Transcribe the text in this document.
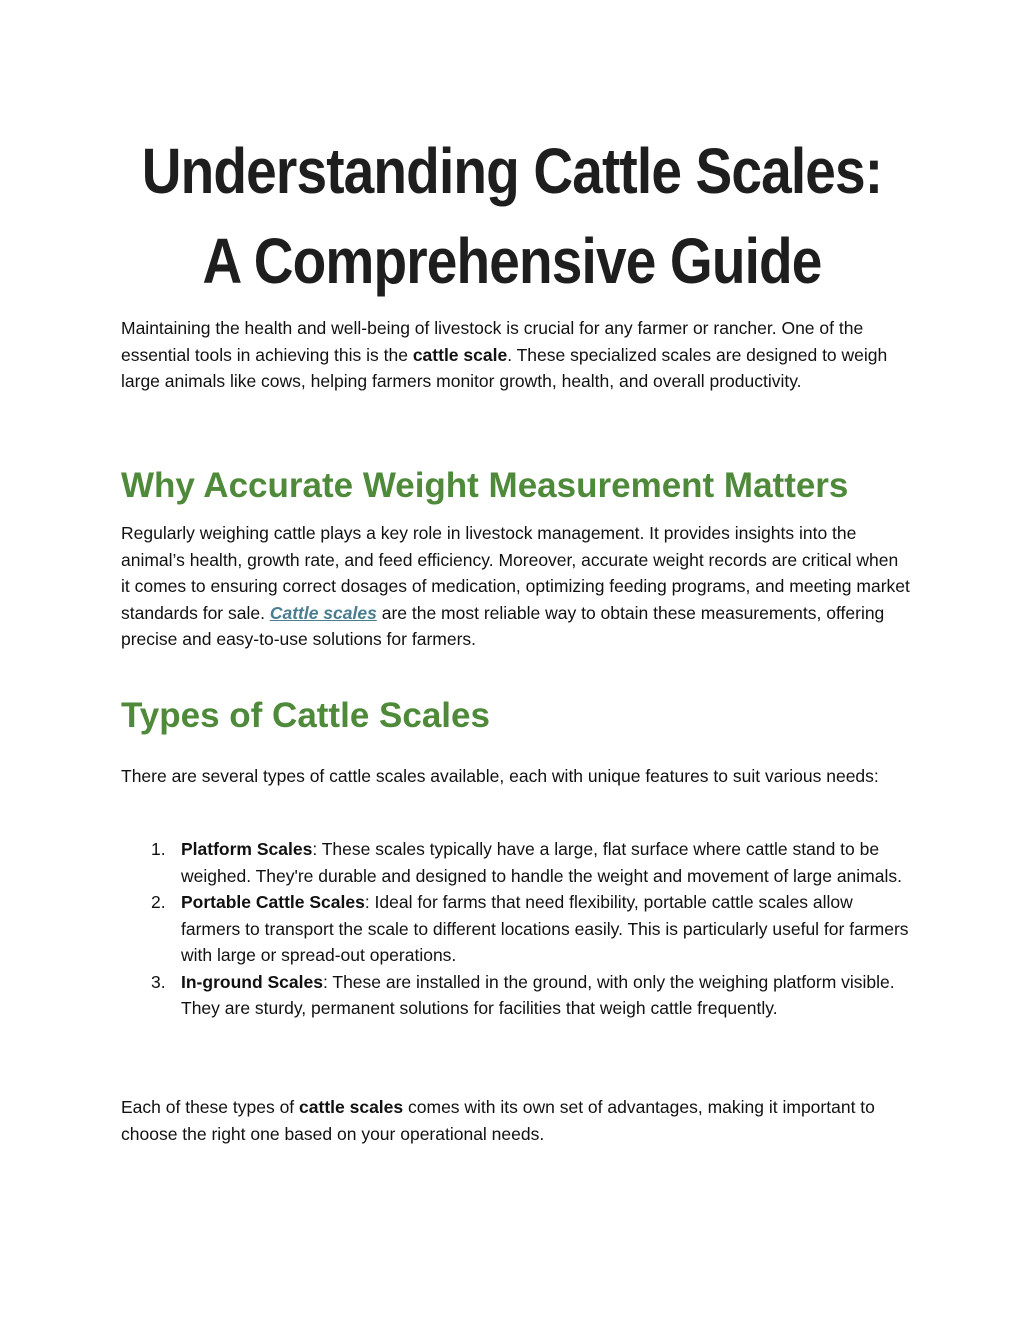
Understanding Cattle Scales:
A Comprehensive Guide

Maintaining the health and well-being of livestock is crucial for any farmer or rancher. One of the essential tools in achieving this is the cattle scale. These specialized scales are designed to weigh large animals like cows, helping farmers monitor growth, health, and overall productivity.

Why Accurate Weight Measurement Matters

Regularly weighing cattle plays a key role in livestock management. It provides insights into the animal’s health, growth rate, and feed efficiency. Moreover, accurate weight records are critical when it comes to ensuring correct dosages of medication, optimizing feeding programs, and meeting market standards for sale. Cattle scales are the most reliable way to obtain these measurements, offering precise and easy-to-use solutions for farmers.

Types of Cattle Scales

There are several types of cattle scales available, each with unique features to suit various needs:

1. Platform Scales: These scales typically have a large, flat surface where cattle stand to be weighed. They're durable and designed to handle the weight and movement of large animals.
2. Portable Cattle Scales: Ideal for farms that need flexibility, portable cattle scales allow farmers to transport the scale to different locations easily. This is particularly useful for farmers with large or spread-out operations.
3. In-ground Scales: These are installed in the ground, with only the weighing platform visible. They are sturdy, permanent solutions for facilities that weigh cattle frequently.

Each of these types of cattle scales comes with its own set of advantages, making it important to choose the right one based on your operational needs.
